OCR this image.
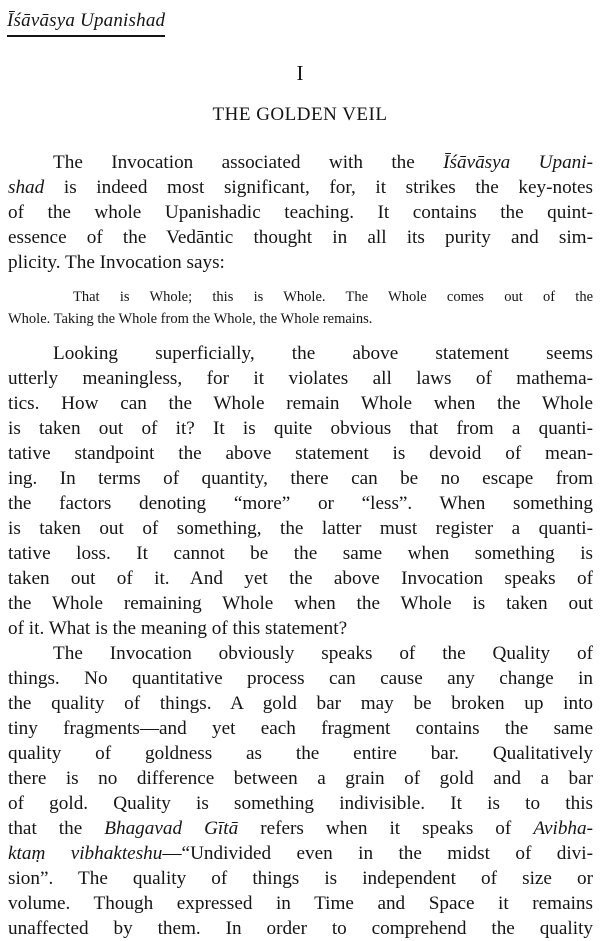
Īśāvāsya Upanishad
I
THE GOLDEN VEIL
The Invocation associated with the Īśāvāsya Upani-
shad is indeed most significant, for, it strikes the key-notes
of the whole Upanishadic teaching. It contains the quint-
essence of the Vedāntic thought in all its purity and sim-
plicity. The Invocation says:
That is Whole; this is Whole. The Whole comes out of the
Whole. Taking the Whole from the Whole, the Whole remains.
Looking superficially, the above statement seems
utterly meaningless, for it violates all laws of mathema-
tics. How can the Whole remain Whole when the Whole
is taken out of it? It is quite obvious that from a quanti-
tative standpoint the above statement is devoid of mean-
ing. In terms of quantity, there can be no escape from
the factors denoting “more” or “less”. When something
is taken out of something, the latter must register a quanti-
tative loss. It cannot be the same when something is
taken out of it. And yet the above Invocation speaks of
the Whole remaining Whole when the Whole is taken out
of it. What is the meaning of this statement?
The Invocation obviously speaks of the Quality of
things. No quantitative process can cause any change in
the quality of things. A gold bar may be broken up into
tiny fragments—and yet each fragment contains the same
quality of goldness as the entire bar. Qualitatively
there is no difference between a grain of gold and a bar
of gold. Quality is something indivisible. It is to this
that the Bhagavad Gītā refers when it speaks of Avibha-
ktaṃ vibhakteshu—“Undivided even in the midst of divi-
sion”. The quality of things is independent of size or
volume. Though expressed in Time and Space it remains
unaffected by them. In order to comprehend the quality
